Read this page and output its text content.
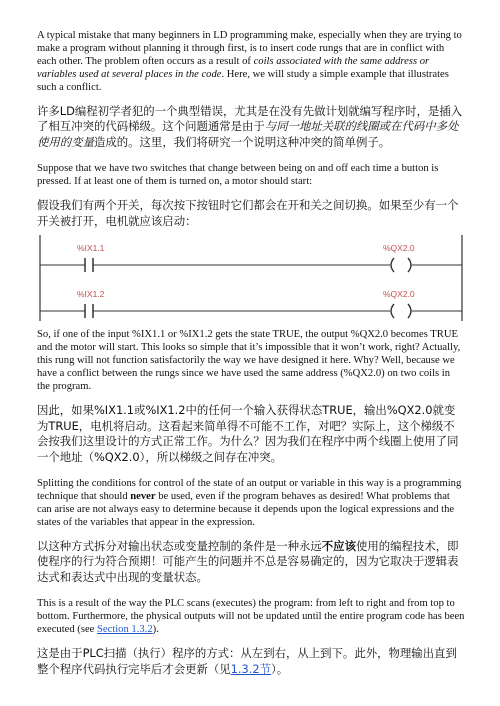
A typical mistake that many beginners in LD programming make, especially when they are trying to make a program without planning it through first, is to insert code rungs that are in conflict with each other. The problem often occurs as a result of coils associated with the same address or variables used at several places in the code. Here, we will study a simple example that illustrates such a conflict.

许多LD编程初学者犯的一个典型错误，尤其是在没有先做计划就编写程序时，是插入了相互冲突的代码梯级。这个问题通常是由于与同一地址关联的线圈或在代码中多处使用的变量造成的。这里，我们将研究一个说明这种冲突的简单例子。

Suppose that we have two switches that change between being on and off each time a button is pressed. If at least one of them is turned on, a motor should start:

假设我们有两个开关，每次按下按钮时它们都会在开和关之间切换。如果至少有一个开关被打开，电机就应该启动：

%IX1.1	%QX2.0
%IX1.2	%QX2.0

So, if one of the input %IX1.1 or %IX1.2 gets the state TRUE, the output %QX2.0 becomes TRUE and the motor will start. This looks so simple that it’s impossible that it won’t work, right? Actually, this rung will not function satisfactorily the way we have designed it here. Why? Well, because we have a conflict between the rungs since we have used the same address (%QX2.0) on two coils in the program.

因此，如果%IX1.1或%IX1.2中的任何一个输入获得状态TRUE，输出%QX2.0就变为TRUE，电机将启动。这看起来简单得不可能不工作，对吧？实际上，这个梯级不会按我们这里设计的方式正常工作。为什么？因为我们在程序中两个线圈上使用了同一个地址（%QX2.0），所以梯级之间存在冲突。

Splitting the conditions for control of the state of an output or variable in this way is a programming technique that should never be used, even if the program behaves as desired! What problems that can arise are not always easy to determine because it depends upon the logical expressions and the states of the variables that appear in the expression.

以这种方式拆分对输出状态或变量控制的条件是一种永远不应该使用的编程技术，即使程序的行为符合预期！可能产生的问题并不总是容易确定的，因为它取决于逻辑表达式和表达式中出现的变量状态。

This is a result of the way the PLC scans (executes) the program: from left to right and from top to bottom. Furthermore, the physical outputs will not be updated until the entire program code has been executed (see Section 1.3.2).

这是由于PLC扫描（执行）程序的方式：从左到右，从上到下。此外，物理输出直到整个程序代码执行完毕后才会更新（见1.3.2节）。
